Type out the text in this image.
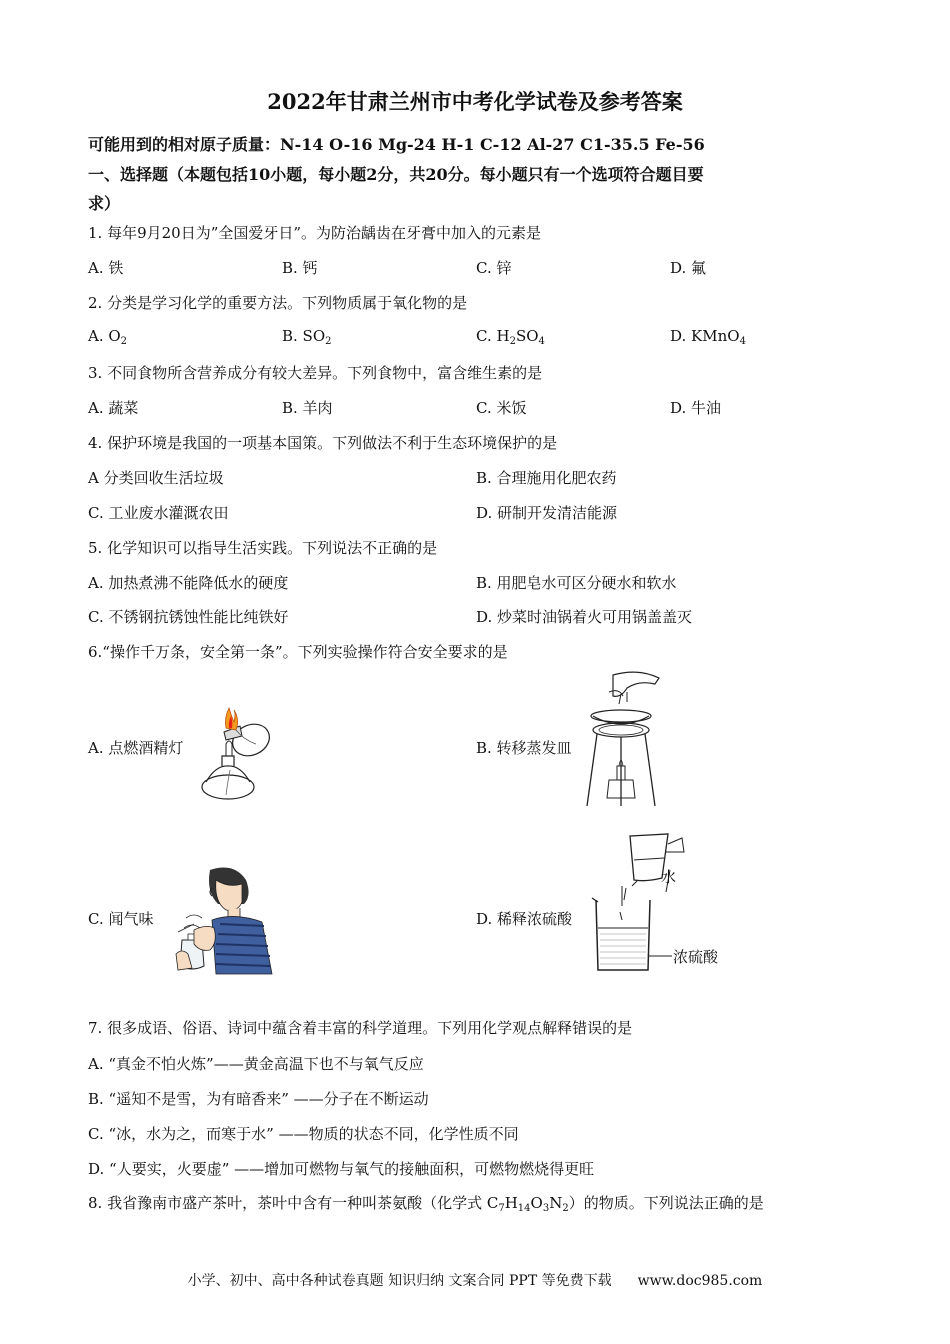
2022年甘肃兰州市中考化学试卷及参考答案
可能用到的相对原子质量：N-14 O-16 Mg-24 H-1 C-12 Al-27 C1-35.5 Fe-56
一、选择题（本题包括10小题，每小题2分，共20分。每小题只有一个选项符合题目要
求）
1. 每年9月20日为”全国爱牙日”。为防治龋齿在牙膏中加入的元素是
A. 铁	B. 钙	C. 锌	D. 氟
2. 分类是学习化学的重要方法。下列物质属于氧化物的是
A. $O_2$	B. $SO_2$	C. $H_2SO_4$	D. KMnO$_4$
3. 不同食物所含营养成分有较大差异。下列食物中，富含维生素的是
A. 蔬菜	B. 羊肉	C. 米饭	D. 牛油
4. 保护环境是我国的一项基本国策。下列做法不利于生态环境保护的是
A 分类回收生活垃圾	B. 合理施用化肥农药
C. 工业废水灌溉农田	D. 研制开发清洁能源
5. 化学知识可以指导生活实践。下列说法不正确的是
A. 加热煮沸不能降低水的硬度	B. 用肥皂水可区分硬水和软水
C. 不锈钢抗锈蚀性能比纯铁好	D. 炒菜时油锅着火可用锅盖盖灭
6.“操作千万条，安全第一条”。下列实验操作符合安全要求的是
A. 点燃酒精灯	B. 转移蒸发皿
C. 闻气味	D. 稀释浓硫酸
水
浓硫酸
7. 很多成语、俗语、诗词中蕴含着丰富的科学道理。下列用化学观点解释错误的是
A. “真金不怕火炼”——黄金高温下也不与氧气反应
B. “遥知不是雪，为有暗香来” ——分子在不断运动
C. “冰，水为之，而寒于水” ——物质的状态不同，化学性质不同
D. “人要实，火要虚” ——增加可燃物与氧气的接触面积，可燃物燃烧得更旺
8. 我省豫南市盛产茶叶，茶叶中含有一种叫茶氨酸（化学式 $C_7H_{14}O_3N_2$）的物质。下列说法正确的是
小学、初中、高中各种试卷真题 知识归纳 文案合同 PPT 等免费下载 www.doc985.com
